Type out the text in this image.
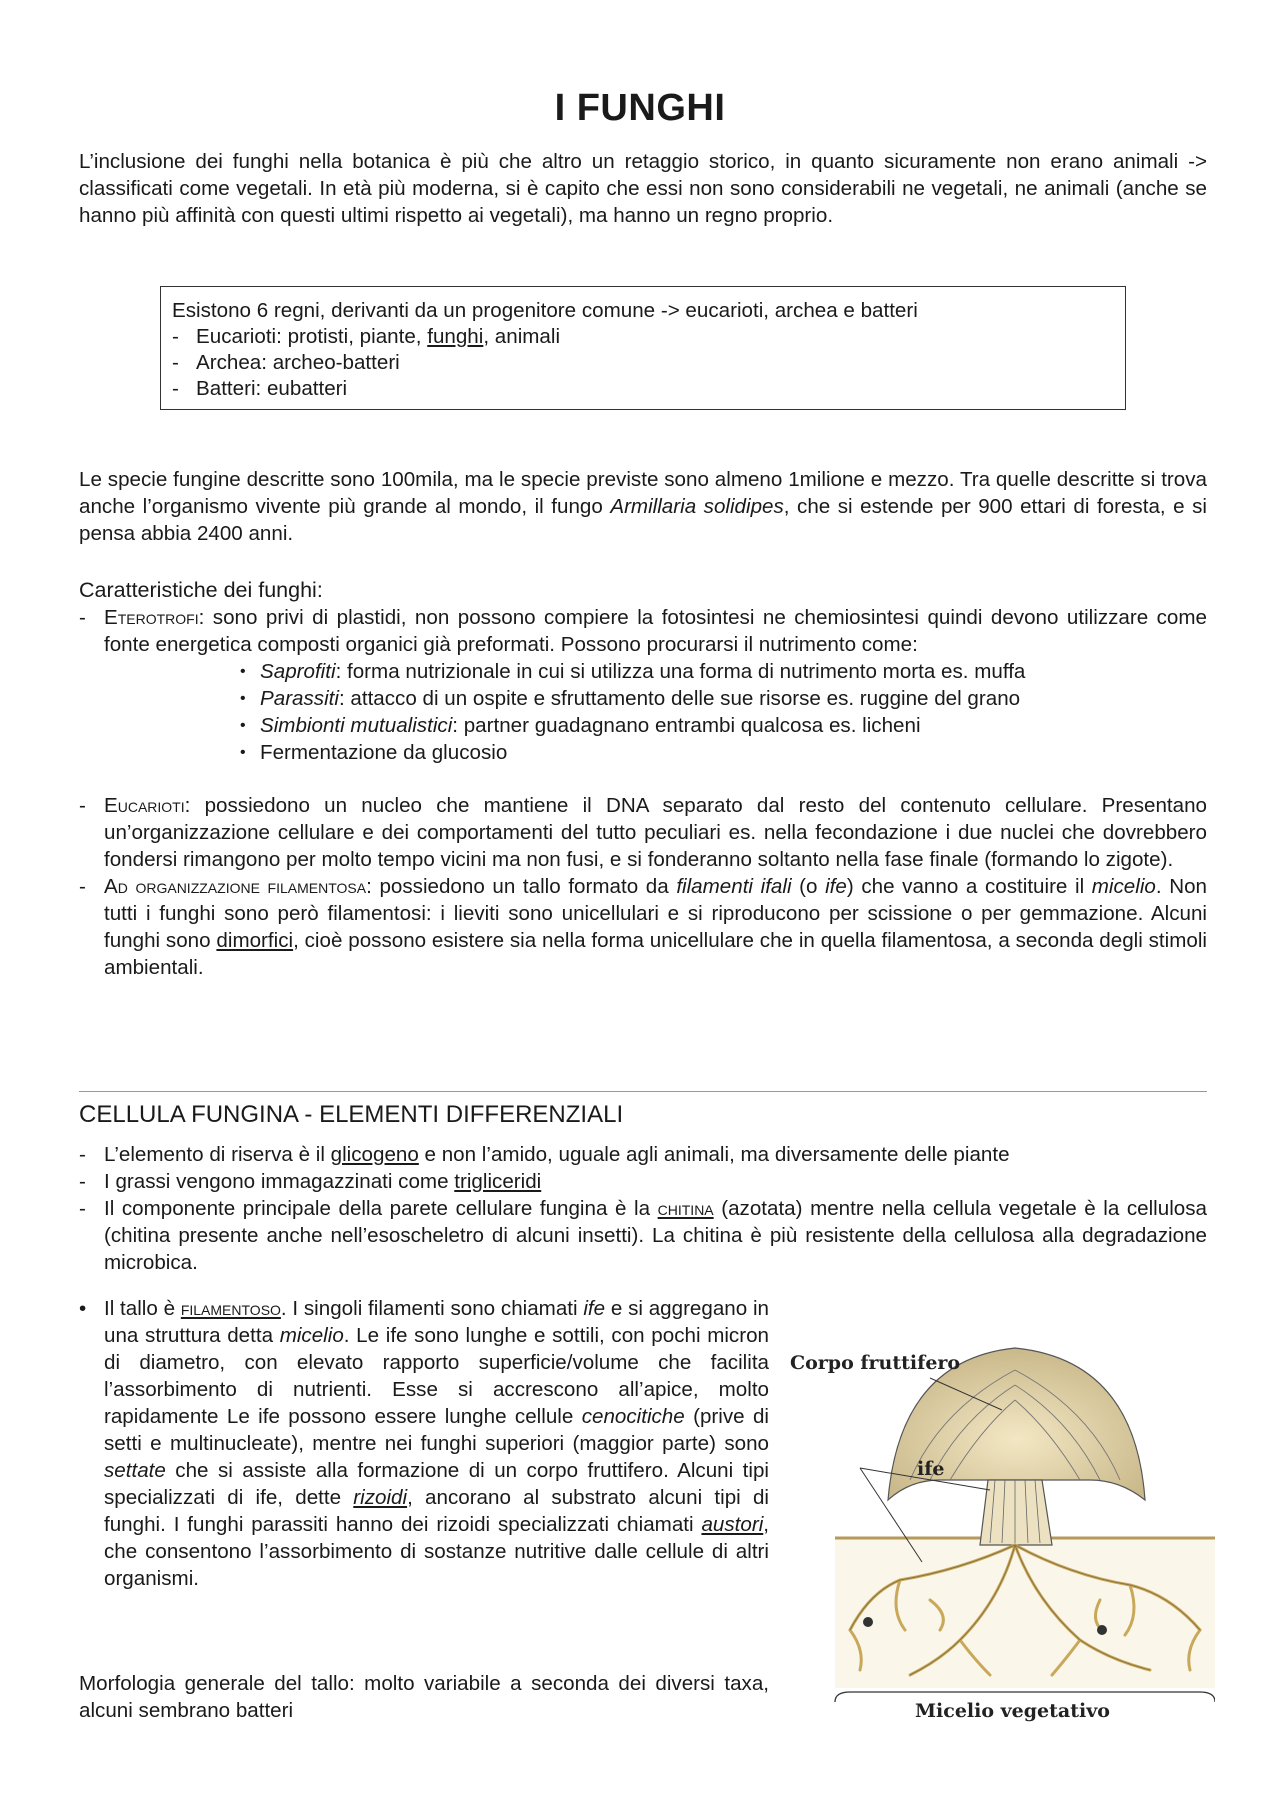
I FUNGHI
L’inclusione dei funghi nella botanica è più che altro un retaggio storico, in quanto sicuramente non erano animali -> classificati come vegetali. In età più moderna, si è capito che essi non sono considerabili ne vegetali, ne animali (anche se hanno più affinità con questi ultimi rispetto ai vegetali), ma hanno un regno proprio.
Esistono 6 regni, derivanti da un progenitore comune -> eucarioti, archea e batteri
- Eucarioti: protisti, piante, funghi, animali
- Archea: archeo-batteri
- Batteri: eubatteri
Le specie fungine descritte sono 100mila, ma le specie previste sono almeno 1milione e mezzo. Tra quelle descritte si trova anche l’organismo vivente più grande al mondo, il fungo Armillaria solidipes, che si estende per 900 ettari di foresta, e si pensa abbia 2400 anni.
Caratteristiche dei funghi:
- Eterotrofi: sono privi di plastidi, non possono compiere la fotosintesi ne chemiosintesi quindi devono utilizzare come fonte energetica composti organici già preformati. Possono procurarsi il nutrimento come:
• Saprofiti: forma nutrizionale in cui si utilizza una forma di nutrimento morta es. muffa
• Parassiti: attacco di un ospite e sfruttamento delle sue risorse es. ruggine del grano
• Simbionti mutualistici: partner guadagnano entrambi qualcosa es. licheni
• Fermentazione da glucosio
- Eucarioti: possiedono un nucleo che mantiene il DNA separato dal resto del contenuto cellulare. Presentano un’organizzazione cellulare e dei comportamenti del tutto peculiari es. nella fecondazione i due nuclei che dovrebbero fondersi rimangono per molto tempo vicini ma non fusi, e si fonderanno soltanto nella fase finale (formando lo zigote).
- Ad organizzazione filamentosa: possiedono un tallo formato da filamenti ifali (o ife) che vanno a costituire il micelio. Non tutti i funghi sono però filamentosi: i lieviti sono unicellulari e si riproducono per scissione o per gemmazione. Alcuni funghi sono dimorfici, cioè possono esistere sia nella forma unicellulare che in quella filamentosa, a seconda degli stimoli ambientali.
CELLULA FUNGINA - ELEMENTI DIFFERENZIALI
- L’elemento di riserva è il glicogeno e non l’amido, uguale agli animali, ma diversamente delle piante
- I grassi vengono immagazzinati come trigliceridi
- Il componente principale della parete cellulare fungina è la chitina (azotata) mentre nella cellula vegetale è la cellulosa (chitina presente anche nell’esoscheletro di alcuni insetti). La chitina è più resistente della cellulosa alla degradazione microbica.
• Il tallo è filamentoso. I singoli filamenti sono chiamati ife e si aggregano in una struttura detta micelio. Le ife sono lunghe e sottili, con pochi micron di diametro, con elevato rapporto superficie/volume che facilita l’assorbimento di nutrienti. Esse si accrescono all’apice, molto rapidamente Le ife possono essere lunghe cellule cenocitiche (prive di setti e multinucleate), mentre nei funghi superiori (maggior parte) sono settate che si assiste alla formazione di un corpo fruttifero. Alcuni tipi specializzati di ife, dette rizoidi, ancorano al substrato alcuni tipi di funghi. I funghi parassiti hanno dei rizoidi specializzati chiamati austori, che consentono l’assorbimento di sostanze nutritive dalle cellule di altri organismi.
Morfologia generale del tallo: molto variabile a seconda dei diversi taxa, alcuni sembrano batteri
Corpo fruttifero
ife
Micelio vegetativo
